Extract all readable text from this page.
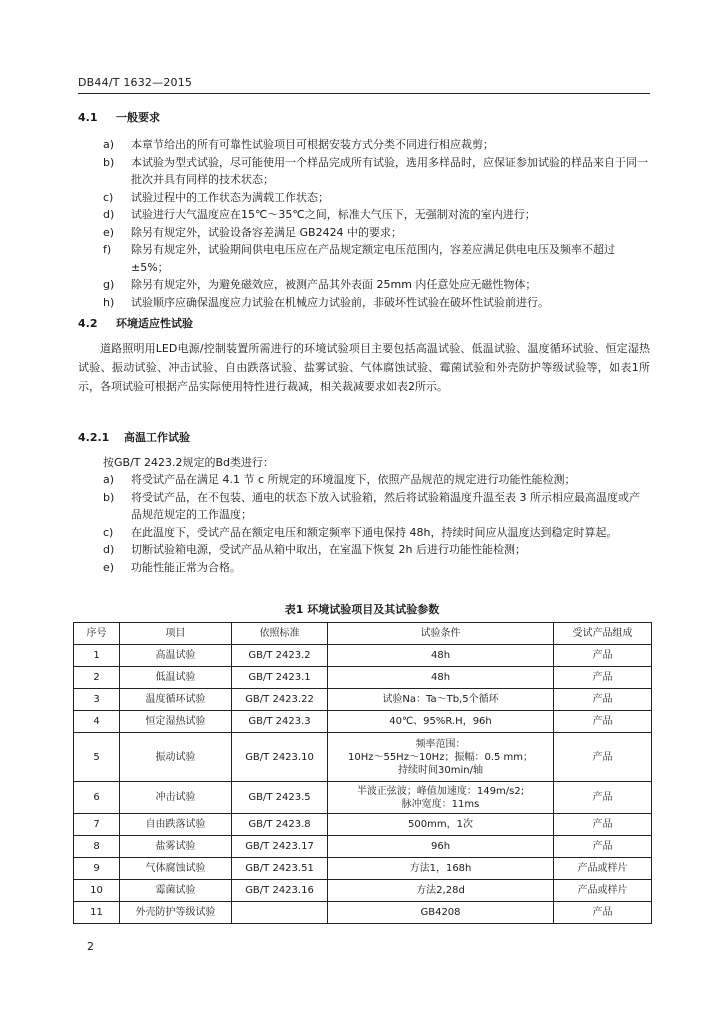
DB44/T 1632—2015
4.1 一般要求
a) 本章节给出的所有可靠性试验项目可根据安装方式分类不同进行相应裁剪；
b) 本试验为型式试验，尽可能使用一个样品完成所有试验，选用多样品时，应保证参加试验的样品来自于同一批次并具有同样的技术状态；
c) 试验过程中的工作状态为满载工作状态；
d) 试验进行大气温度应在15℃～35℃之间，标准大气压下，无强制对流的室内进行；
e) 除另有规定外，试验设备容差满足 GB2424 中的要求；
f) 除另有规定外，试验期间供电电压应在产品规定额定电压范围内，容差应满足供电电压及频率不超过±5%；
g) 除另有规定外，为避免磁效应，被测产品其外表面 25mm 内任意处应无磁性物体；
h) 试验顺序应确保温度应力试验在机械应力试验前，非破坏性试验在破坏性试验前进行。
4.2 环境适应性试验
道路照明用LED电源/控制装置所需进行的环境试验项目主要包括高温试验、低温试验、温度循环试验、恒定湿热试验、振动试验、冲击试验、自由跌落试验、盐雾试验、气体腐蚀试验、霉菌试验和外壳防护等级试验等，如表1所示，各项试验可根据产品实际使用特性进行裁减，相关裁减要求如表2所示。
4.2.1 高温工作试验
按GB/T 2423.2规定的Bd类进行：
a) 将受试产品在满足 4.1 节 c 所规定的环境温度下，依照产品规范的规定进行功能性能检测；
b) 将受试产品，在不包装、通电的状态下放入试验箱，然后将试验箱温度升温至表 3 所示相应最高温度或产品规范规定的工作温度；
c) 在此温度下，受试产品在额定电压和额定频率下通电保持 48h，持续时间应从温度达到稳定时算起。
d) 切断试验箱电源，受试产品从箱中取出，在室温下恢复 2h 后进行功能性能检测；
e) 功能性能正常为合格。
表1 环境试验项目及其试验参数
序号	项目	依照标准	试验条件	受试产品组成
1	高温试验	GB/T 2423.2	48h	产品
2	低温试验	GB/T 2423.1	48h	产品
3	温度循环试验	GB/T 2423.22	试验Na：Ta～Tb,5个循环	产品
4	恒定湿热试验	GB/T 2423.3	40℃、95%R.H，96h	产品
5	振动试验	GB/T 2423.10	频率范围：
10Hz～55Hz～10Hz；振幅：0.5 mm；
持续时间30min/轴	产品
6	冲击试验	GB/T 2423.5	半波正弦波；峰值加速度：149m/s2;
脉冲宽度：11ms	产品
7	自由跌落试验	GB/T 2423.8	500mm，1次	产品
8	盐雾试验	GB/T 2423.17	96h	产品
9	气体腐蚀试验	GB/T 2423.51	方法1，168h	产品或样片
10	霉菌试验	GB/T 2423.16	方法2,28d	产品或样片
11	外壳防护等级试验		GB4208	产品
2
